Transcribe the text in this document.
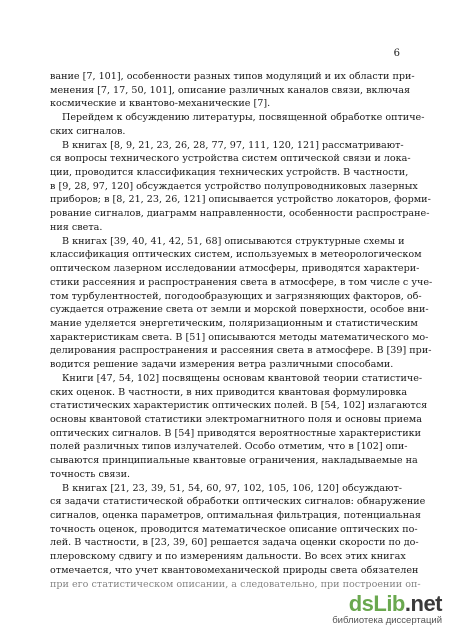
6
вание [7, 101], особенности разных типов модуляций и их области при-
менения [7, 17, 50, 101], описание различных каналов связи, включая
космические и квантово-механические [7].
Перейдем к обсуждению литературы, посвященной обработке оптиче-
ских сигналов.
В книгах [8, 9, 21, 23, 26, 28, 77, 97, 111, 120, 121] рассматривают-
ся вопросы технического устройства систем оптической связи и лока-
ции, проводится классификация технических устройств. В частности,
в [9, 28, 97, 120] обсуждается устройство полупроводниковых лазерных
приборов; в [8, 21, 23, 26, 121] описывается устройство локаторов, форми-
рование сигналов, диаграмм направленности, особенности распростране-
ния света.
В книгах [39, 40, 41, 42, 51, 68] описываются структурные схемы и
классификация оптических систем, используемых в метеорологическом
оптическом лазерном исследовании атмосферы, приводятся характери-
стики рассеяния и распространения света в атмосфере, в том числе с уче-
том турбулентностей, погодообразующих и загрязняющих факторов, об-
суждается отражение света от земли и морской поверхности, особое вни-
мание уделяется энергетическим, поляризационным и статистическим
характеристикам света. В [51] описываются методы математического мо-
делирования распространения и рассеяния света в атмосфере. В [39] при-
водится решение задачи измерения ветра различными способами.
Книги [47, 54, 102] посвящены основам квантовой теории статистиче-
ских оценок. В частности, в них приводится квантовая формулировка
статистических характеристик оптических полей. В [54, 102] излагаются
основы квантовой статистики электромагнитного поля и основы приема
оптических сигналов. В [54] приводятся вероятностные характеристики
полей различных типов излучателей. Особо отметим, что в [102] опи-
сываются принципиальные квантовые ограничения, накладываемые на
точность связи.
В книгах [21, 23, 39, 51, 54, 60, 97, 102, 105, 106, 120] обсуждают-
ся задачи статистической обработки оптических сигналов: обнаружение
сигналов, оценка параметров, оптимальная фильтрация, потенциальная
точность оценок, проводится математическое описание оптических по-
лей. В частности, в [23, 39, 60] решается задача оценки скорости по до-
плеровскому сдвигу и по измерениям дальности. Во всех этих книгах
отмечается, что учет квантовомеханической природы света обязателен
при его статистическом описании, а следовательно, при построении оп-
dsLib.net
библиотека диссертаций
